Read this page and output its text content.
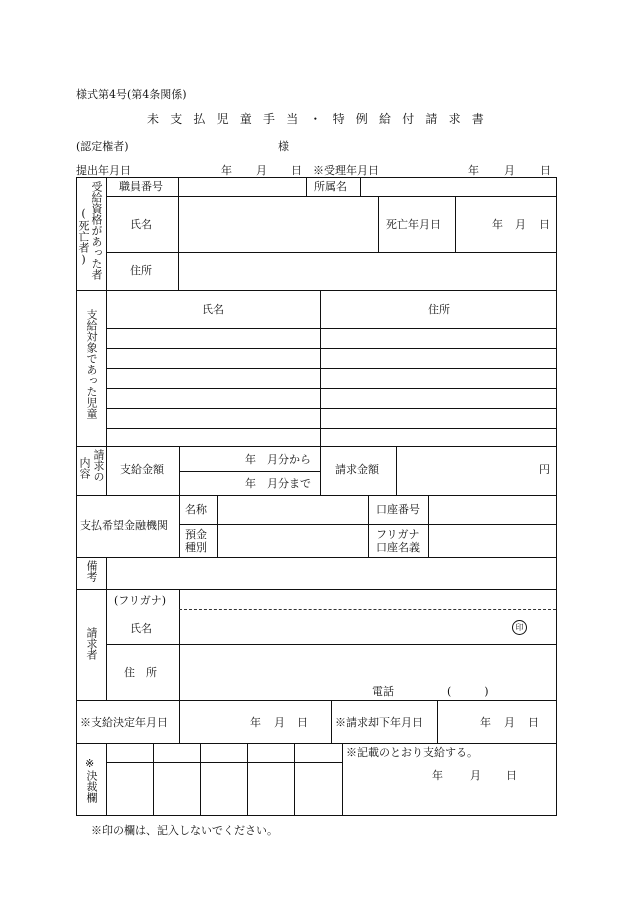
様式第4号(第4条関係)
未 支 払 児 童 手 当 ・ 特 例 給 付 請 求 書
(認定権者)	様
提出年月日	年 月 日 ※受理年月日	年 月 日
職員番号	所属名
氏名	死亡年月日	年 月 日
住所
受給資格があった者
(死亡者)
氏名	住所
支給対象であった児童
請求の
内容	支給金額
年　月分から
年　月分まで
請求金額	円
支払希望金融機関
名称	口座番号
預金
種別
フリガナ
口座名義
備考
請求者
(フリガナ)
氏名	印
住　所
電話	(　　　)
※支給決定年月日	年 月 日 ※請求却下年月日	年 月 日
※
決裁欄
※記載のとおり支給する。
年 月 日
※印の欄は、記入しないでください。
